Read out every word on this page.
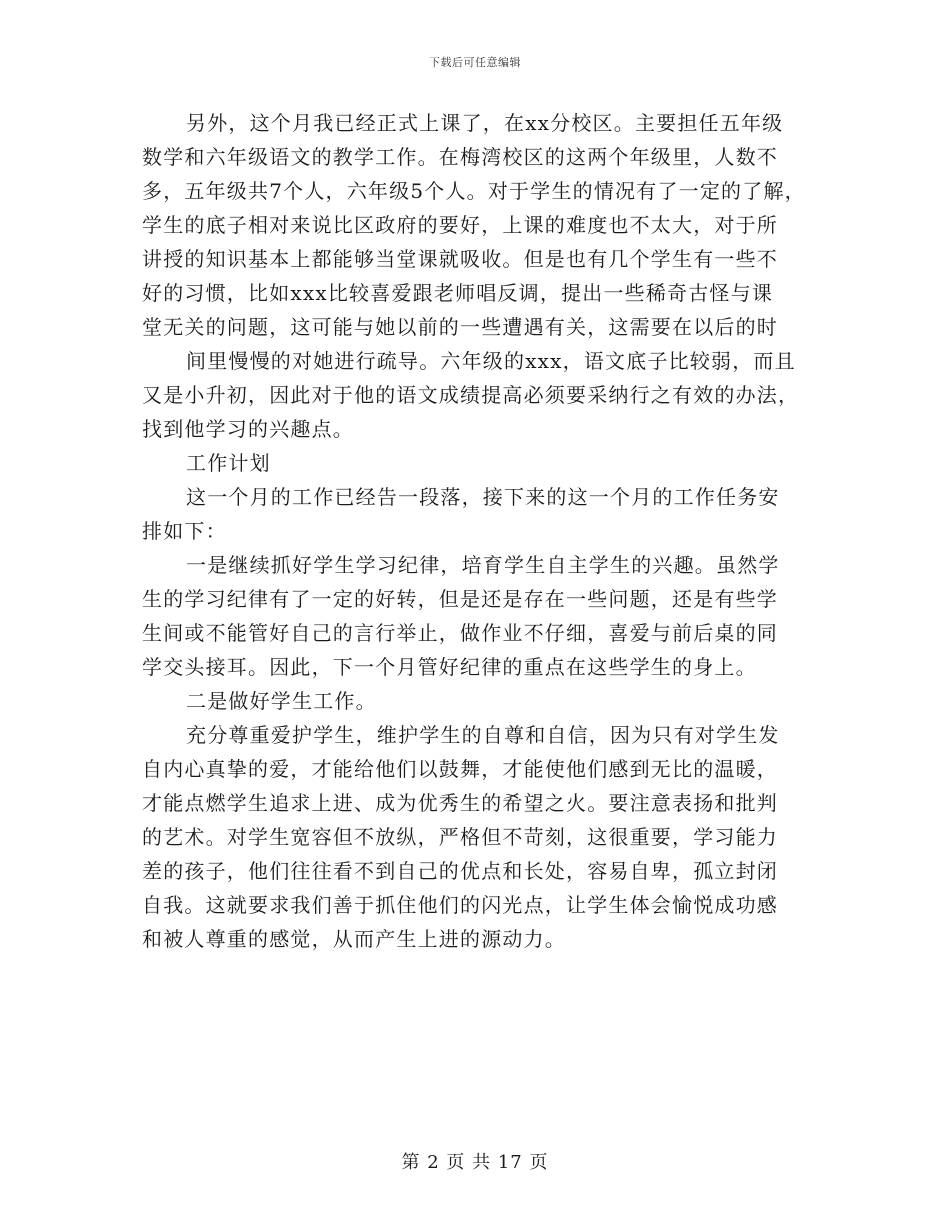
下载后可任意编辑
另外，这个月我已经正式上课了，在xx分校区。主要担任五年级
数学和六年级语文的教学工作。在梅湾校区的这两个年级里，人数不
多，五年级共7个人，六年级5个人。对于学生的情况有了一定的了解，
学生的底子相对来说比区政府的要好，上课的难度也不太大，对于所
讲授的知识基本上都能够当堂课就吸收。但是也有几个学生有一些不
好的习惯，比如xxx比较喜爱跟老师唱反调，提出一些稀奇古怪与课
堂无关的问题，这可能与她以前的一些遭遇有关，这需要在以后的时
间里慢慢的对她进行疏导。六年级的xxx，语文底子比较弱，而且
又是小升初，因此对于他的语文成绩提高必须要采纳行之有效的办法，
找到他学习的兴趣点。
工作计划
这一个月的工作已经告一段落，接下来的这一个月的工作任务安
排如下：
一是继续抓好学生学习纪律，培育学生自主学生的兴趣。虽然学
生的学习纪律有了一定的好转，但是还是存在一些问题，还是有些学
生间或不能管好自己的言行举止，做作业不仔细，喜爱与前后桌的同
学交头接耳。因此，下一个月管好纪律的重点在这些学生的身上。
二是做好学生工作。
充分尊重爱护学生，维护学生的自尊和自信，因为只有对学生发
自内心真挚的爱，才能给他们以鼓舞，才能使他们感到无比的温暖，
才能点燃学生追求上进、成为优秀生的希望之火。要注意表扬和批判
的艺术。对学生宽容但不放纵，严格但不苛刻，这很重要，学习能力
差的孩子，他们往往看不到自己的优点和长处，容易自卑，孤立封闭
自我。这就要求我们善于抓住他们的闪光点，让学生体会愉悦成功感
和被人尊重的感觉，从而产生上进的源动力。
第 2 页 共 17 页
